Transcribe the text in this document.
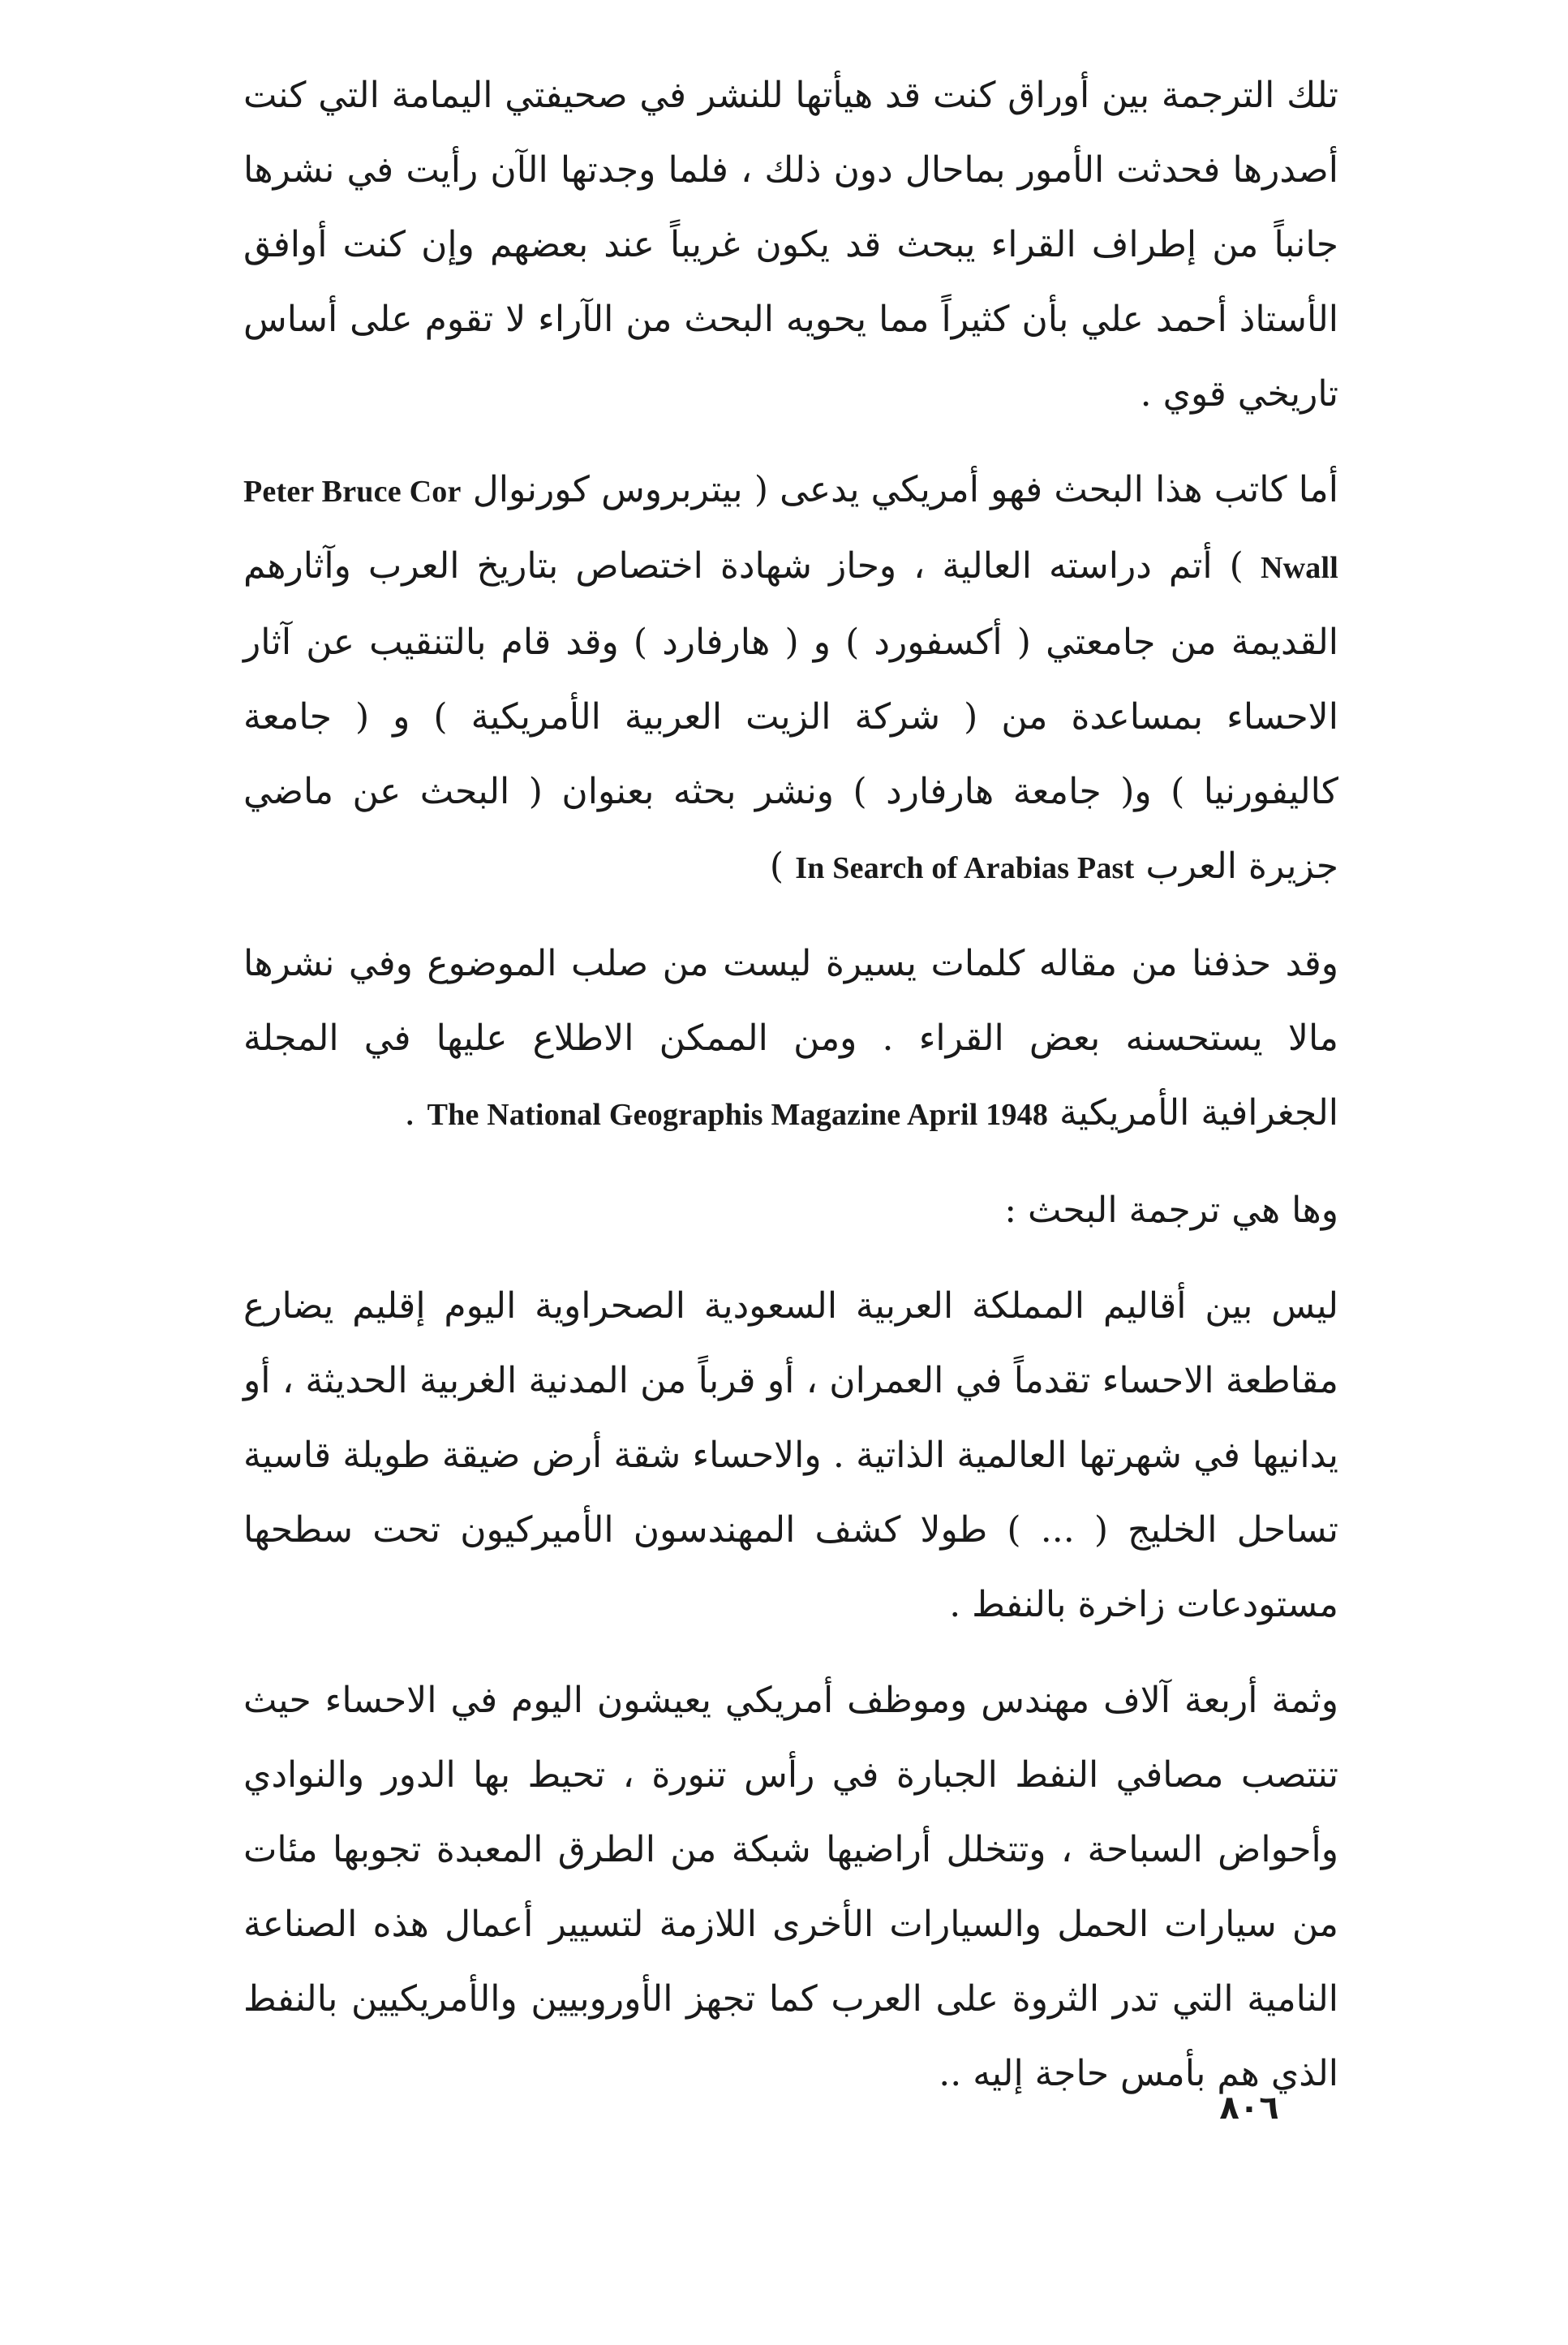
تلك الترجمة بين أوراق كنت قد هيأتها للنشر في صحيفتي اليمامة التي كنت أصدرها فحدثت الأمور بماحال دون ذلك ، فلما وجدتها الآن رأيت في نشرها جانباً من إطراف القراء يبحث قد يكون غريباً عند بعضهم وإن كنت أوافق الأستاذ أحمد علي بأن كثيراً مما يحويه البحث من الآراء لا تقوم على أساس تاريخي قوي .

أما كاتب هذا البحث فهو أمريكي يدعى ( بيتربروس كورنوال Peter Bruce Cor Nwall ) أتم دراسته العالية ، وحاز شهادة اختصاص بتاريخ العرب وآثارهم القديمة من جامعتي ( أكسفورد ) و ( هارفارد ) وقد قام بالتنقيب عن آثار الاحساء بمساعدة من ( شركة الزيت العربية الأمريكية ) و ( جامعة كاليفورنيا ) و( جامعة هارفارد ) ونشر بحثه بعنوان ( البحث عن ماضي جزيرة العرب In Search of Arabias Past )

وقد حذفنا من مقاله كلمات يسيرة ليست من صلب الموضوع وفي نشرها مالا يستحسنه بعض القراء . ومن الممكن الاطلاع عليها في المجلة الجغرافية الأمريكية The National Geographis Magazine April 1948 .

وها هي ترجمة البحث :

ليس بين أقاليم المملكة العربية السعودية الصحراوية اليوم إقليم يضارع مقاطعة الاحساء تقدماً في العمران ، أو قرباً من المدنية الغربية الحديثة ، أو يدانيها في شهرتها العالمية الذاتية . والاحساء شقة أرض ضيقة طويلة قاسية تساحل الخليج ( ... ) طولا كشف المهندسون الأميركيون تحت سطحها مستودعات زاخرة بالنفط .

وثمة أربعة آلاف مهندس وموظف أمريكي يعيشون اليوم في الاحساء حيث تنتصب مصافي النفط الجبارة في رأس تنورة ، تحيط بها الدور والنوادي وأحواض السباحة ، وتتخلل أراضيها شبكة من الطرق المعبدة تجوبها مئات من سيارات الحمل والسيارات الأخرى اللازمة لتسيير أعمال هذه الصناعة النامية التي تدر الثروة على العرب كما تجهز الأوروبيين والأمريكيين بالنفط الذي هم بأمس حاجة إليه ..

٨٠٦
